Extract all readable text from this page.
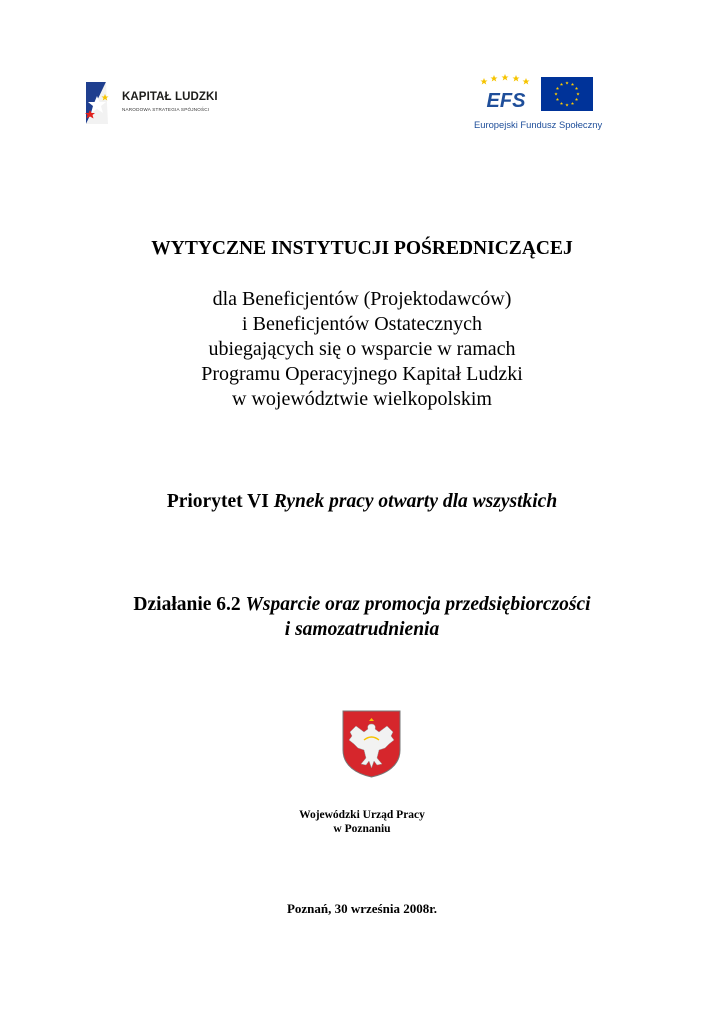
KAPITAŁ LUDZKI
NARODOWA STRATEGIA SPÓJNOŚCI	EFS
Europejski Fundusz Społeczny
WYTYCZNE INSTYTUCJI POŚREDNICZĄCEJ
dla Beneficjentów (Projektodawców)
i Beneficjentów Ostatecznych
ubiegających się o wsparcie w ramach
Programu Operacyjnego Kapitał Ludzki
w województwie wielkopolskim
Priorytet VI Rynek pracy otwarty dla wszystkich
Działanie 6.2 Wsparcie oraz promocja przedsiębiorczości
i samozatrudnienia
Wojewódzki Urząd Pracy
w Poznaniu
Poznań, 30 września 2008r.
